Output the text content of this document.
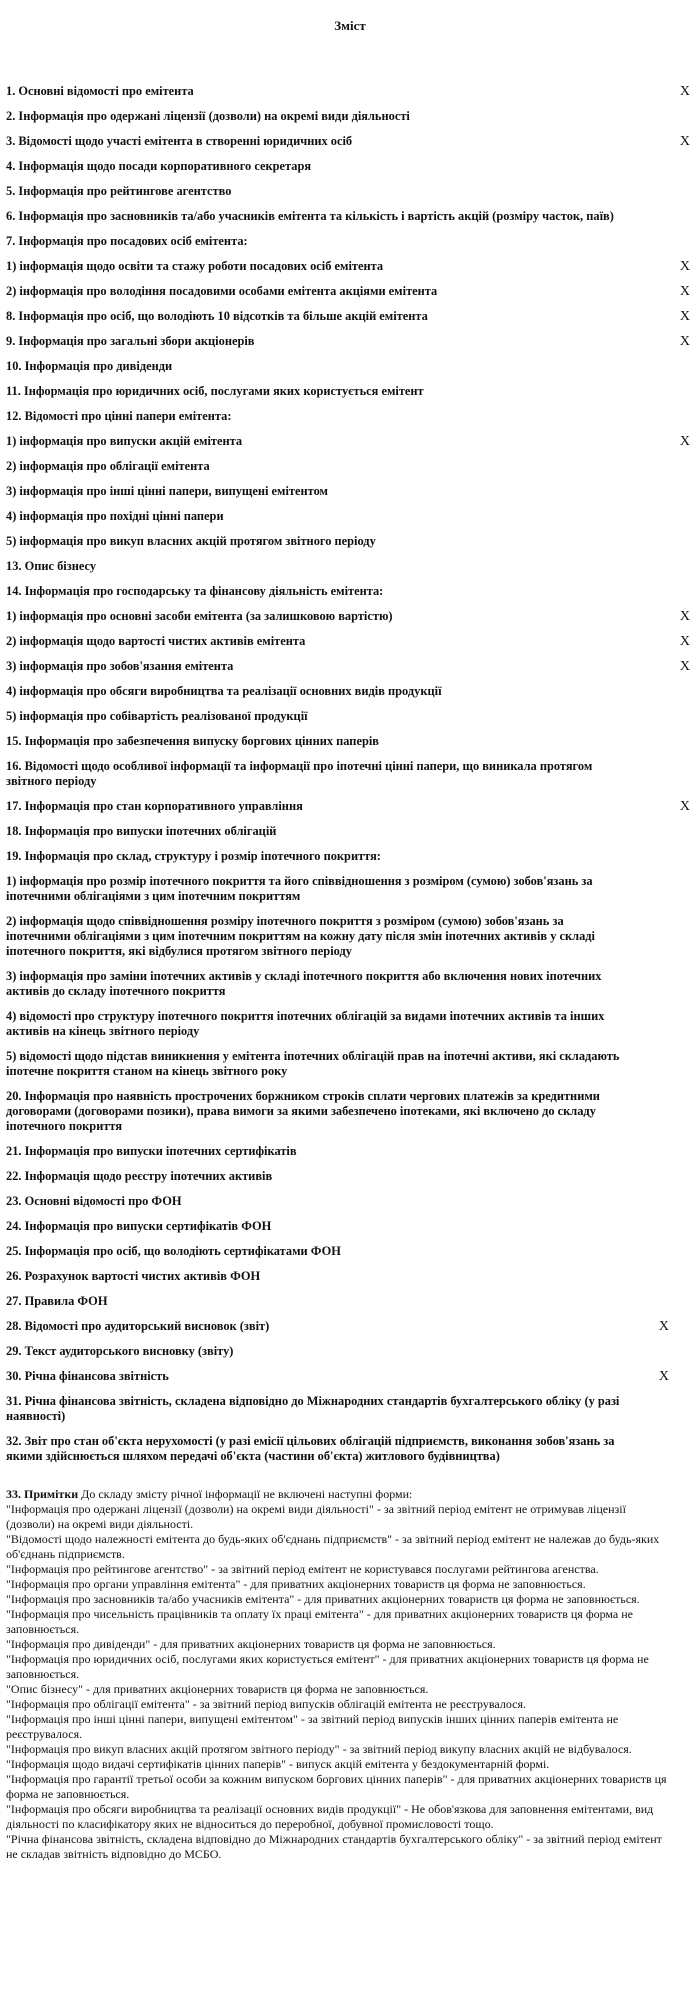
Зміст
1. Основні відомості про емітента	X
2. Інформація про одержані ліцензії (дозволи) на окремі види діяльності
3. Відомості щодо участі емітента в створенні юридичних осіб	X
4. Інформація щодо посади корпоративного секретаря
5. Інформація про рейтингове агентство
6. Інформація про засновників та/або учасників емітента та кількість і вартість акцій (розміру часток, паїв)
7. Інформація про посадових осіб емітента:
1) інформація щодо освіти та стажу роботи посадових осіб емітента	X
2) інформація про володіння посадовими особами емітента акціями емітента	X
8. Інформація про осіб, що володіють 10 відсотків та більше акцій емітента	X
9. Інформація про загальні збори акціонерів	X
10. Інформація про дивіденди
11. Інформація про юридичних осіб, послугами яких користується емітент
12. Відомості про цінні папери емітента:
1) інформація про випуски акцій емітента	X
2) інформація про облігації емітента
3) інформація про інші цінні папери, випущені емітентом
4) інформація про похідні цінні папери
5) інформація про викуп власних акцій протягом звітного періоду
13. Опис бізнесу
14. Інформація про господарську та фінансову діяльність емітента:
1) інформація про основні засоби емітента (за залишковою вартістю)	X
2) інформація щодо вартості чистих активів емітента	X
3) інформація про зобов'язання емітента	X
4) інформація про обсяги виробництва та реалізації основних видів продукції
5) інформація про собівартість реалізованої продукції
15. Інформація про забезпечення випуску боргових цінних паперів
16. Відомості щодо особливої інформації та інформації про іпотечні цінні папери, що виникала протягом звітного періоду
17. Інформація про стан корпоративного управління	X
18. Інформація про випуски іпотечних облігацій
19. Інформація про склад, структуру і розмір іпотечного покриття:
1) інформація про розмір іпотечного покриття та його співвідношення з розміром (сумою) зобов'язань за іпотечними облігаціями з цим іпотечним покриттям
2) інформація щодо співвідношення розміру іпотечного покриття з розміром (сумою) зобов'язань за іпотечними облігаціями з цим іпотечним покриттям на кожну дату після змін іпотечних активів у складі іпотечного покриття, які відбулися протягом звітного періоду
3) інформація про заміни іпотечних активів у складі іпотечного покриття або включення нових іпотечних активів до складу іпотечного покриття
4) відомості про структуру іпотечного покриття іпотечних облігацій за видами іпотечних активів та інших активів на кінець звітного періоду
5) відомості щодо підстав виникнення у емітента іпотечних облігацій прав на іпотечні активи, які складають іпотечне покриття станом на кінець звітного року
20. Інформація про наявність прострочених боржником строків сплати чергових платежів за кредитними договорами (договорами позики), права вимоги за якими забезпечено іпотеками, які включено до складу іпотечного покриття
21. Інформація про випуски іпотечних сертифікатів
22. Інформація щодо реєстру іпотечних активів
23. Основні відомості про ФОН
24. Інформація про випуски сертифікатів ФОН
25. Інформація про осіб, що володіють сертифікатами ФОН
26. Розрахунок вартості чистих активів ФОН
27. Правила ФОН
28. Відомості про аудиторський висновок (звіт)	X
29. Текст аудиторського висновку (звіту)
30. Річна фінансова звітність	X
31. Річна фінансова звітність, складена відповідно до Міжнародних стандартів бухгалтерського обліку (у разі наявності)
32. Звіт про стан об'єкта нерухомості (у разі емісії цільових облігацій підприємств, виконання зобов'язань за якими здійснюється шляхом передачі об'єкта (частини об'єкта) житлового будівництва)

33. Примітки До складу змісту річної інформації не включені наступні форми:

"Інформація про одержані ліцензії (дозволи) на окремі види діяльності" - за звітний період емітент не отримував ліцензії (дозволи) на окремі види діяльності.

"Відомості щодо належності емітента до будь-яких об'єднань підприємств" - за звітний період емітент не належав до будь-яких об'єднань підприємств.

"Інформація про рейтингове агентство" - за звітний період емітент не користувався послугами рейтингова агенства.

"Інформація про органи управління емітента" - для приватних акціонерних товариств ця форма не заповнюється.

"Інформація про засновників та/або учасників емітента" - для приватних акціонерних товариств ця форма не заповнюється.

"Інформація про чисельність працівників та оплату їх праці емітента" - для приватних акціонерних товариств ця форма не заповнюється.

"Інформація про дивіденди" - для приватних акціонерних товариств ця форма не заповнюється.

"Інформація про юридичних осіб, послугами яких користується емітент" - для приватних акціонерних товариств ця форма не заповнюється.

"Опис бізнесу" - для приватних акціонерних товариств ця форма не заповнюється.

"Інформація про облігації емітента" - за звітний період випусків облігацій емітента не реєструвалося.

"Інформація про інші цінні папери, випущені емітентом" - за звітний період випусків інших цінних паперів емітента не реєструвалося.

"Інформація про викуп власних акцій протягом звітного періоду" - за звітний період викупу власних акцій не відбувалося.

"Інформація щодо видачі сертифікатів цінних паперів" - випуск акцій емітента у бездокументарній формі.

"Інформація про гарантії третьої особи за кожним випуском боргових цінних паперів" - для приватних акціонерних товариств ця форма не заповнюється.

"Інформація про обсяги виробництва та реалізації основних видів продукції" - Не обов'язкова для заповнення емітентами, вид діяльності по класифікатору яких не відноситься до переробної, добувної промисловості тощо.

"Річна фінансова звітність, складена відповідно до Міжнародних стандартів бухгалтерського обліку" - за звітний період емітент не складав звітність відповідно до МСБО.
